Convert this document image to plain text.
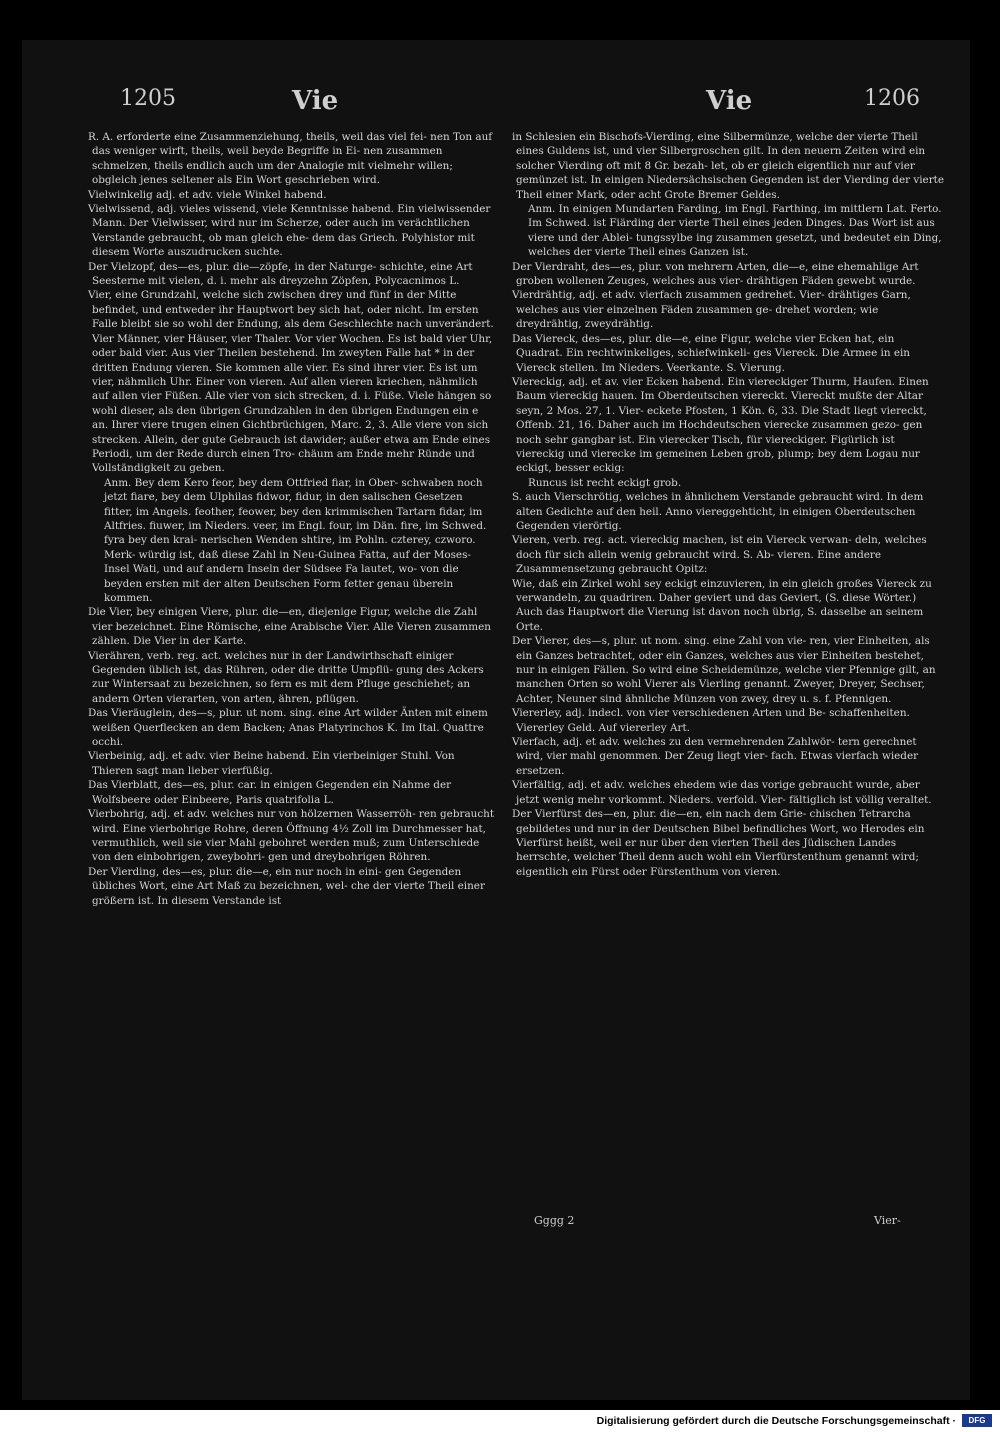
1205	Vie	Vie	1206

R. A. erforderte eine Zusammenziehung, theils, weil das viel fei- nen Ton auf das weniger wirft, theils, weil beyde Begriffe in Ei- nen zusammen schmelzen, theils endlich auch um der Analogie mit vielmehr willen; obgleich jenes seltener als Ein Wort geschrieben wird.

Vielwinkelig adj. et adv. viele Winkel habend.

Vielwissend, adj. vieles wissend, viele Kenntnisse habend. Ein vielwissender Mann. Der Vielwisser, wird nur im Scherze, oder auch im verächtlichen Verstande gebraucht, ob man gleich ehe- dem das Griech. Polyhistor mit diesem Worte auszudrucken suchte.

Der Vielzopf, des—es, plur. die—zöpfe, in der Naturge- schichte, eine Art Seesterne mit vielen, d. i. mehr als dreyzehn Zöpfen, Polycacnimos L.

Vier, eine Grundzahl, welche sich zwischen drey und fünf in der Mitte befindet, und entweder ihr Hauptwort bey sich hat, oder nicht. Im ersten Falle bleibt sie so wohl der Endung, als dem Geschlechte nach unverändert. Vier Männer, vier Häuser, vier Thaler. Vor vier Wochen. Es ist bald vier Uhr, oder bald vier. Aus vier Theilen bestehend. Im zweyten Falle hat * in der dritten Endung vieren. Sie kommen alle vier. Es sind ihrer vier. Es ist um vier, nähmlich Uhr. Einer von vieren. Auf allen vieren kriechen, nähmlich auf allen vier Füßen. Alle vier von sich strecken, d. i. Füße. Viele hängen so wohl dieser, als den übrigen Grundzahlen in den übrigen Endungen ein e an. Ihrer viere trugen einen Gichtbrüchigen, Marc. 2, 3. Alle viere von sich strecken. Allein, der gute Gebrauch ist dawider; außer etwa am Ende eines Periodi, um der Rede durch einen Tro- chäum am Ende mehr Ründe und Vollständigkeit zu geben.

Anm. Bey dem Kero feor, bey dem Ottfried fiar, in Ober- schwaben noch jetzt fiare, bey dem Ulphilas fidwor, fidur, in den salischen Gesetzen fitter, im Angels. feother, feower, bey den krimmischen Tartarn fidar, im Altfries. fiuwer, im Nieders. veer, im Engl. four, im Dän. fire, im Schwed. fyra bey den krai- nerischen Wenden shtire, im Pohln. czterey, czworo. Merk- würdig ist, daß diese Zahl in Neu-Guinea Fatta, auf der Moses- Insel Wati, und auf andern Inseln der Südsee Fa lautet, wo- von die beyden ersten mit der alten Deutschen Form fetter genau überein kommen.

Die Vier, bey einigen Viere, plur. die—en, diejenige Figur, welche die Zahl vier bezeichnet. Eine Römische, eine Arabische Vier. Alle Vieren zusammen zählen. Die Vier in der Karte.

Vierähren, verb. reg. act. welches nur in der Landwirthschaft einiger Gegenden üblich ist, das Rühren, oder die dritte Umpflü- gung des Ackers zur Wintersaat zu bezeichnen, so fern es mit dem Pfluge geschiehet; an andern Orten vierarten, von arten, ähren, pflügen.

Das Vieräuglein, des—s, plur. ut nom. sing. eine Art wilder Änten mit einem weißen Querflecken an dem Backen; Anas Platyrinchos K. Im Ital. Quattre occhi.

Vierbeinig, adj. et adv. vier Beine habend. Ein vierbeiniger Stuhl. Von Thieren sagt man lieber vierfüßig.

Das Vierblatt, des—es, plur. car. in einigen Gegenden ein Nahme der Wolfsbeere oder Einbeere, Paris quatrifolia L.

Vierbohrig, adj. et adv. welches nur von hölzernen Wasserröh- ren gebraucht wird. Eine vierbohrige Rohre, deren Öffnung 4½ Zoll im Durchmesser hat, vermuthlich, weil sie vier Mahl gebohret werden muß; zum Unterschiede von den einbohrigen, zweybohri- gen und dreybohrigen Röhren.

Der Vierding, des—es, plur. die—e, ein nur noch in eini- gen Gegenden übliches Wort, eine Art Maß zu bezeichnen, wel- che der vierte Theil einer größern ist. In diesem Verstande ist

in Schlesien ein Bischofs-Vierding, eine Silbermünze, welche der vierte Theil eines Guldens ist, und vier Silbergroschen gilt. In den neuern Zeiten wird ein solcher Vierding oft mit 8 Gr. bezah- let, ob er gleich eigentlich nur auf vier gemünzet ist. In einigen Niedersächsischen Gegenden ist der Vierding der vierte Theil einer Mark, oder acht Grote Bremer Geldes.

Anm. In einigen Mundarten Farding, im Engl. Farthing, im mittlern Lat. Ferto. Im Schwed. ist Fiärding der vierte Theil eines jeden Dinges. Das Wort ist aus viere und der Ablei- tungssylbe ing zusammen gesetzt, und bedeutet ein Ding, welches der vierte Theil eines Ganzen ist.

Der Vierdraht, des—es, plur. von mehrern Arten, die—e, eine ehemahlige Art groben wollenen Zeuges, welches aus vier- drähtigen Fäden gewebt wurde.

Vierdrähtig, adj. et adv. vierfach zusammen gedrehet. Vier- drähtiges Garn, welches aus vier einzelnen Fäden zusammen ge- drehet worden; wie dreydrähtig, zweydrähtig.

Das Viereck, des—es, plur. die—e, eine Figur, welche vier Ecken hat, ein Quadrat. Ein rechtwinkeliges, schiefwinkeli- ges Viereck. Die Armee in ein Viereck stellen. Im Nieders. Veerkante. S. Vierung.

Viereckig, adj. et av. vier Ecken habend. Ein viereckiger Thurm, Haufen. Einen Baum viereckig hauen. Im Oberdeutschen viereckt. Viereckt mußte der Altar seyn, 2 Mos. 27, 1. Vier- eckete Pfosten, 1 Kön. 6, 33. Die Stadt liegt viereckt, Offenb. 21, 16. Daher auch im Hochdeutschen vierecke zusammen gezo- gen noch sehr gangbar ist. Ein vierecker Tisch, für viereckiger. Figürlich ist viereckig und vierecke im gemeinen Leben grob, plump; bey dem Logau nur eckigt, besser eckig:

Runcus ist recht eckigt grob.

S. auch Vierschrötig, welches in ähnlichem Verstande gebraucht wird. In dem alten Gedichte auf den heil. Anno viereggehticht, in einigen Oberdeutschen Gegenden vierörtig.

Vieren, verb. reg. act. viereckig machen, ist ein Viereck verwan- deln, welches doch für sich allein wenig gebraucht wird. S. Ab- vieren. Eine andere Zusammensetzung gebraucht Opitz:

Wie, daß ein Zirkel wohl sey eckigt einzuvieren, in ein gleich großes Viereck zu verwandeln, zu quadriren. Daher geviert und das Geviert, (S. diese Wörter.) Auch das Hauptwort die Vierung ist davon noch übrig, S. dasselbe an seinem Orte.

Der Vierer, des—s, plur. ut nom. sing. eine Zahl von vie- ren, vier Einheiten, als ein Ganzes betrachtet, oder ein Ganzes, welches aus vier Einheiten bestehet, nur in einigen Fällen. So wird eine Scheidemünze, welche vier Pfennige gilt, an manchen Orten so wohl Vierer als Vierling genannt. Zweyer, Dreyer, Sechser, Achter, Neuner sind ähnliche Münzen von zwey, drey u. s. f. Pfennigen.

Viererley, adj. indecl. von vier verschiedenen Arten und Be- schaffenheiten. Viererley Geld. Auf viererley Art.

Vierfach, adj. et adv. welches zu den vermehrenden Zahlwör- tern gerechnet wird, vier mahl genommen. Der Zeug liegt vier- fach. Etwas vierfach wieder ersetzen.

Vierfältig, adj. et adv. welches ehedem wie das vorige gebraucht wurde, aber jetzt wenig mehr vorkommt. Nieders. verfold. Vier- fältiglich ist völlig veraltet.

Der Vierfürst des—en, plur. die—en, ein nach dem Grie- chischen Tetrarcha gebildetes und nur in der Deutschen Bibel befindliches Wort, wo Herodes ein Vierfürst heißt, weil er nur über den vierten Theil des Jüdischen Landes herrschte, welcher Theil denn auch wohl ein Vierfürstenthum genannt wird; eigentlich ein Fürst oder Fürstenthum von vieren.

Gggg 2	Vier-
Digitalisierung gefördert durch die Deutsche Forschungsgemeinschaft ·	DFG
